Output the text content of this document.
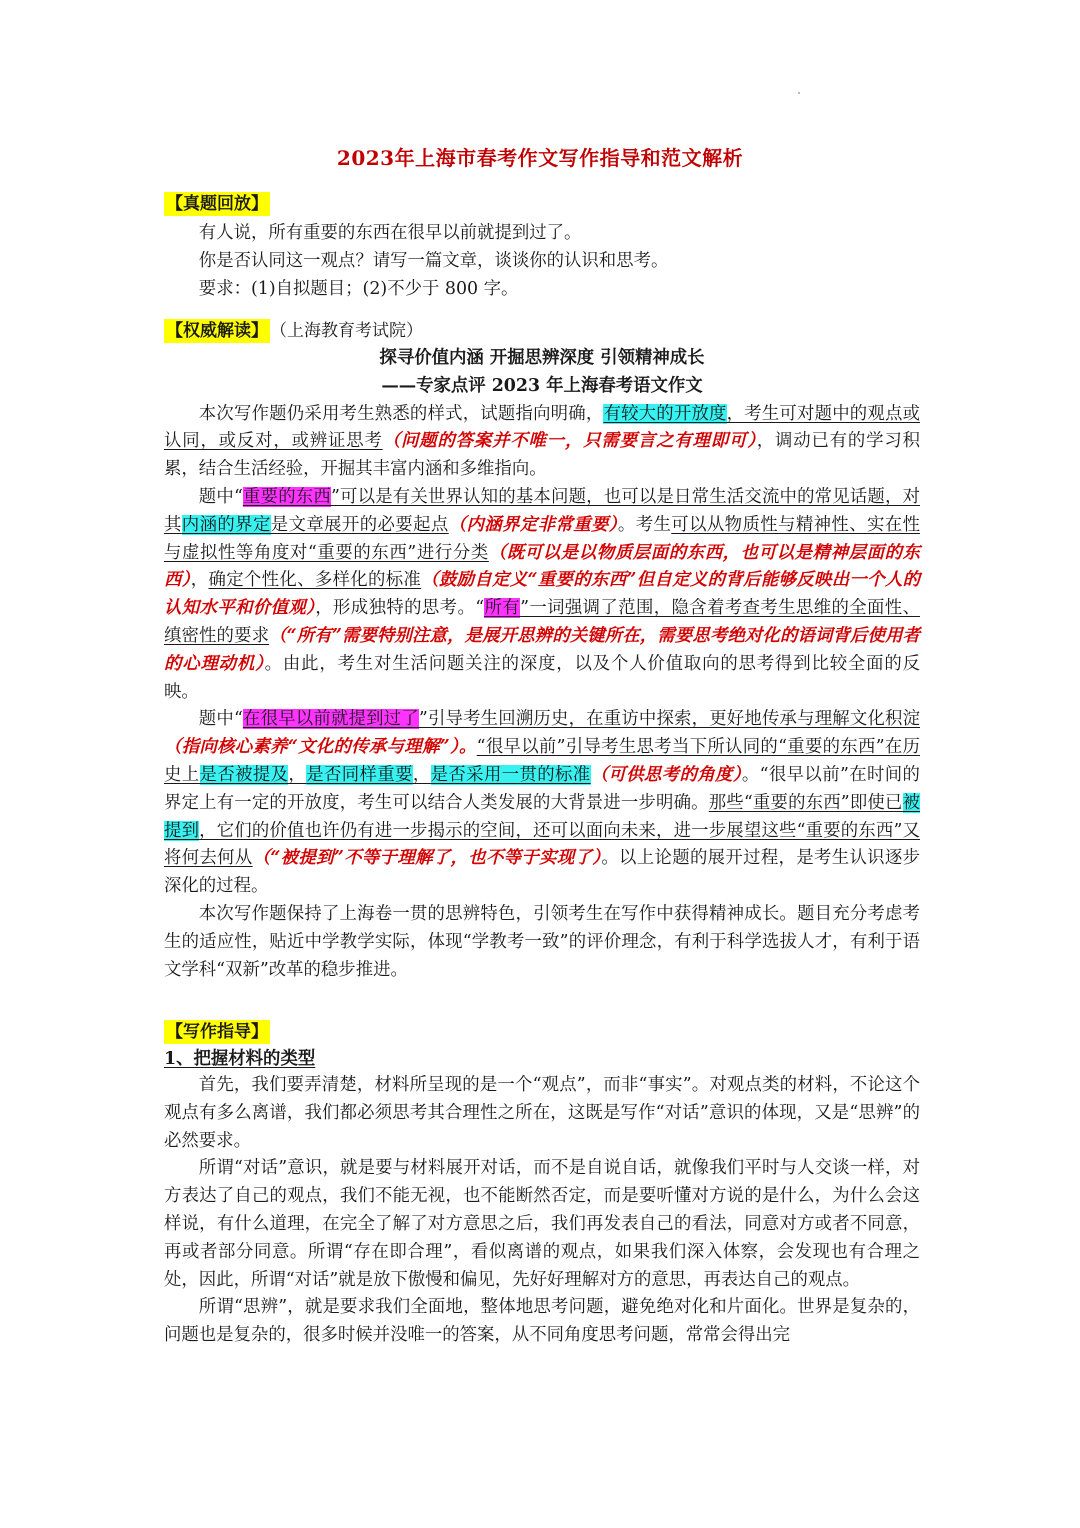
2023年上海市春考作文写作指导和范文解析
【真题回放】

有人说，所有重要的东西在很早以前就提到过了。

你是否认同这一观点？请写一篇文章，谈谈你的认识和思考。

要求：(1)自拟题目；(2)不少于 800 字。

【权威解读】 （上海教育考试院）
探寻价值内涵 开掘思辨深度 引领精神成长
——专家点评 2023 年上海春考语文作文

本次写作题仍采用考生熟悉的样式，试题指向明确，有较大的开放度，考生可对题中的观点或认同，或反对，或辨证思考（问题的答案并不唯一，只需要言之有理即可），调动已有的学习积累，结合生活经验，开掘其丰富内涵和多维指向。

题中“重要的东西”可以是有关世界认知的基本问题，也可以是日常生活交流中的常见话题，对其内涵的界定是文章展开的必要起点（内涵界定非常重要）。考生可以从物质性与精神性、实在性与虚拟性等角度对“重要的东西”进行分类（既可以是以物质层面的东西，也可以是精神层面的东西），确定个性化、多样化的标准（鼓励自定义“重要的东西”但自定义的背后能够反映出一个人的认知水平和价值观），形成独特的思考。“所有”一词强调了范围，隐含着考查考生思维的全面性、缜密性的要求（“所有”需要特别注意，是展开思辨的关键所在，需要思考绝对化的语词背后使用者的心理动机）。由此，考生对生活问题关注的深度，以及个人价值取向的思考得到比较全面的反映。

题中“在很早以前就提到过了”引导考生回溯历史，在重访中探索，更好地传承与理解文化积淀（指向核心素养“文化的传承与理解”）。“很早以前”引导考生思考当下所认同的“重要的东西”在历史上是否被提及，是否同样重要，是否采用一贯的标准（可供思考的角度）。“很早以前”在时间的界定上有一定的开放度，考生可以结合人类发展的大背景进一步明确。那些“重要的东西”即使已被提到，它们的价值也许仍有进一步揭示的空间，还可以面向未来，进一步展望这些“重要的东西”又将何去何从（“被提到”不等于理解了，也不等于实现了）。以上论题的展开过程，是考生认识逐步深化的过程。

本次写作题保持了上海卷一贯的思辨特色，引领考生在写作中获得精神成长。题目充分考虑考生的适应性，贴近中学教学实际，体现“学教考一致”的评价理念，有利于科学选拔人才，有利于语文学科“双新”改革的稳步推进。

【写作指导】
1、把握材料的类型

首先，我们要弄清楚，材料所呈现的是一个“观点”，而非“事实”。对观点类的材料，不论这个观点有多么离谱，我们都必须思考其合理性之所在，这既是写作“对话”意识的体现，又是“思辨”的必然要求。

所谓“对话”意识，就是要与材料展开对话，而不是自说自话，就像我们平时与人交谈一样，对方表达了自己的观点，我们不能无视，也不能断然否定，而是要听懂对方说的是什么，为什么会这样说，有什么道理，在完全了解了对方意思之后，我们再发表自己的看法，同意对方或者不同意，再或者部分同意。所谓“存在即合理”，看似离谱的观点，如果我们深入体察，会发现也有合理之处，因此，所谓“对话”就是放下傲慢和偏见，先好好理解对方的意思，再表达自己的观点。

所谓“思辨”，就是要求我们全面地，整体地思考问题，避免绝对化和片面化。世界是复杂的，问题也是复杂的，很多时候并没唯一的答案，从不同角度思考问题，常常会得出完
